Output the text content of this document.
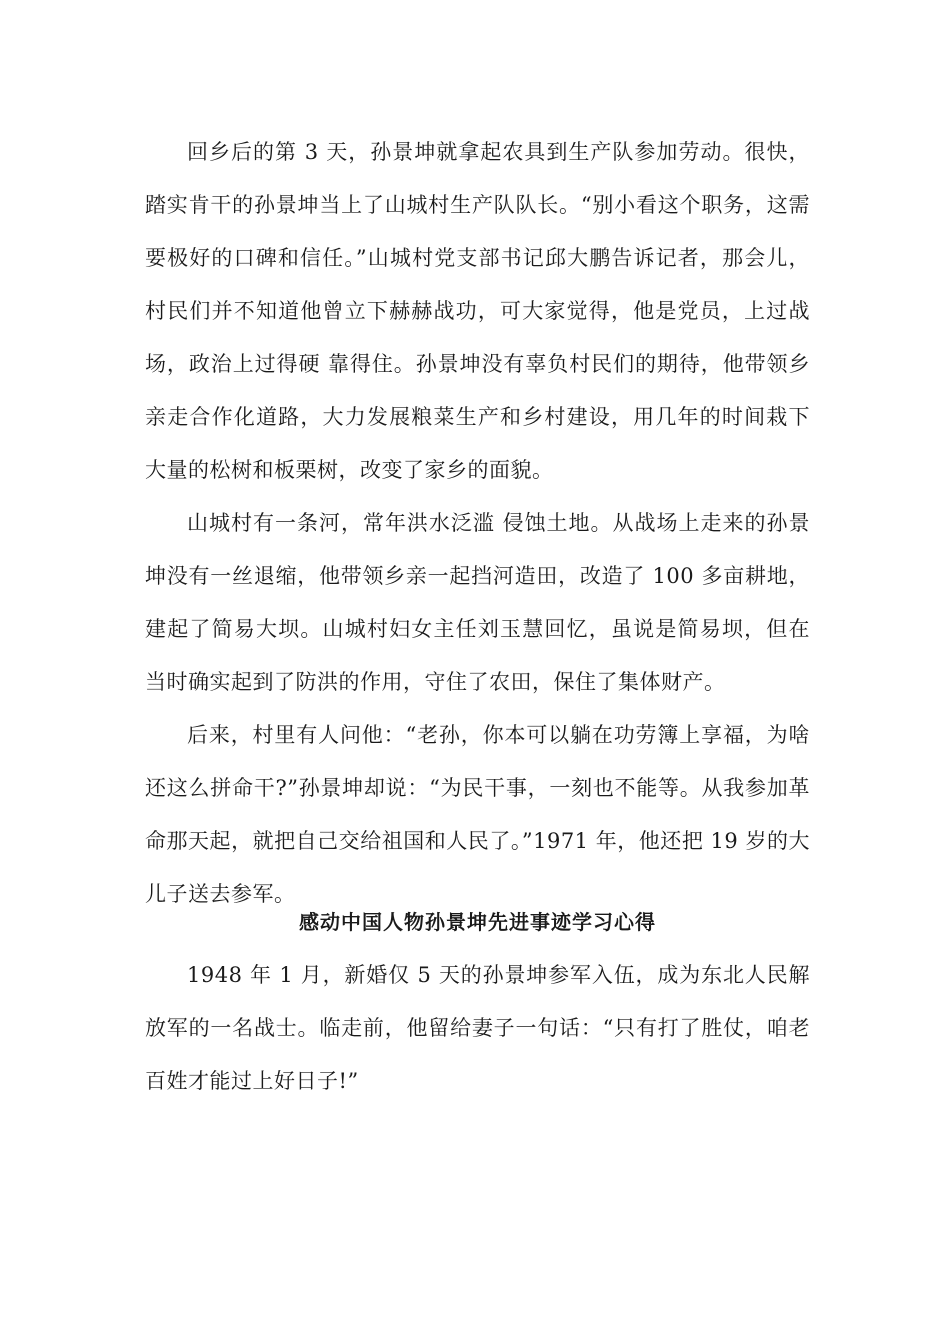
回乡后的第 3 天，孙景坤就拿起农具到生产队参加劳动。很快，踏实肯干的孙景坤当上了山城村生产队队长。“别小看这个职务，这需要极好的口碑和信任。”山城村党支部书记邱大鹏告诉记者，那会儿，村民们并不知道他曾立下赫赫战功，可大家觉得，他是党员，上过战场，政治上过得硬 靠得住。孙景坤没有辜负村民们的期待，他带领乡亲走合作化道路，大力发展粮菜生产和乡村建设，用几年的时间栽下大量的松树和板栗树，改变了家乡的面貌。

山城村有一条河，常年洪水泛滥 侵蚀土地。从战场上走来的孙景坤没有一丝退缩，他带领乡亲一起挡河造田，改造了 100 多亩耕地，建起了简易大坝。山城村妇女主任刘玉慧回忆，虽说是简易坝，但在当时确实起到了防洪的作用，守住了农田，保住了集体财产。

后来，村里有人问他：“老孙，你本可以躺在功劳簿上享福，为啥还这么拼命干?”孙景坤却说：“为民干事，一刻也不能等。从我参加革命那天起，就把自己交给祖国和人民了。”1971 年，他还把 19 岁的大儿子送去参军。

感动中国人物孙景坤先进事迹学习心得

1948 年 1 月，新婚仅 5 天的孙景坤参军入伍，成为东北人民解放军的一名战士。临走前，他留给妻子一句话：“只有打了胜仗，咱老百姓才能过上好日子!”
